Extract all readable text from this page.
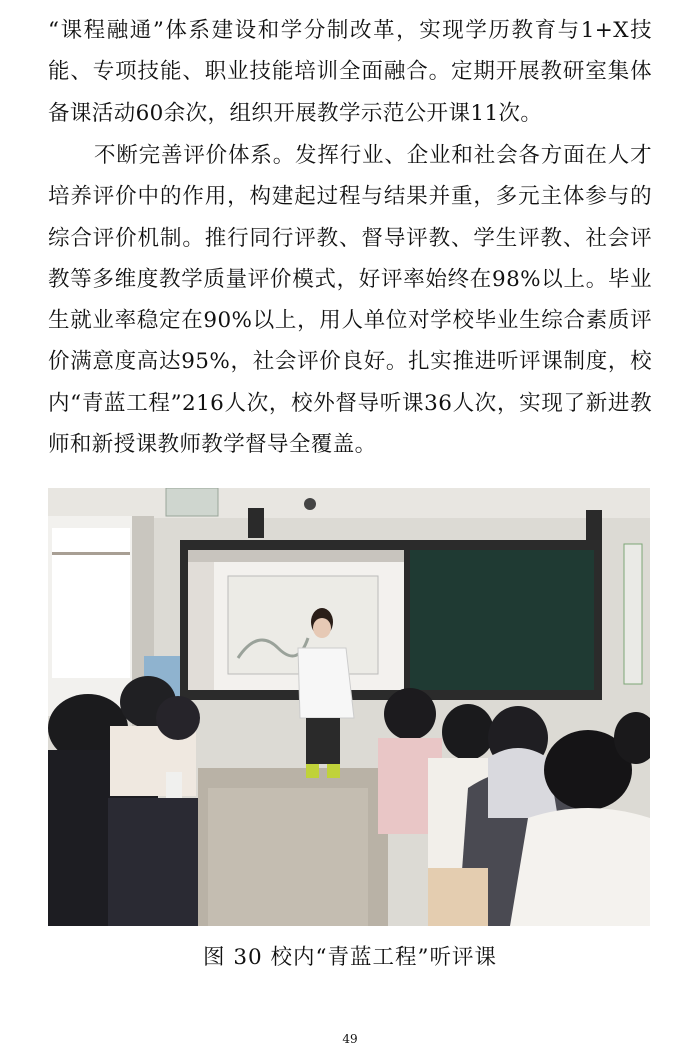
“课程融通”体系建设和学分制改革，实现学历教育与1+X技能、专项技能、职业技能培训全面融合。定期开展教研室集体备课活动60余次，组织开展教学示范公开课11次。

不断完善评价体系。发挥行业、企业和社会各方面在人才培养评价中的作用，构建起过程与结果并重，多元主体参与的综合评价机制。推行同行评教、督导评教、学生评教、社会评教等多维度教学质量评价模式，好评率始终在98%以上。毕业生就业率稳定在90%以上，用人单位对学校毕业生综合素质评价满意度高达95%，社会评价良好。扎实推进听评课制度，校内“青蓝工程”216人次，校外督导听课36人次，实现了新进教师和新授课教师教学督导全覆盖。

图 30 校内“青蓝工程”听评课
49
